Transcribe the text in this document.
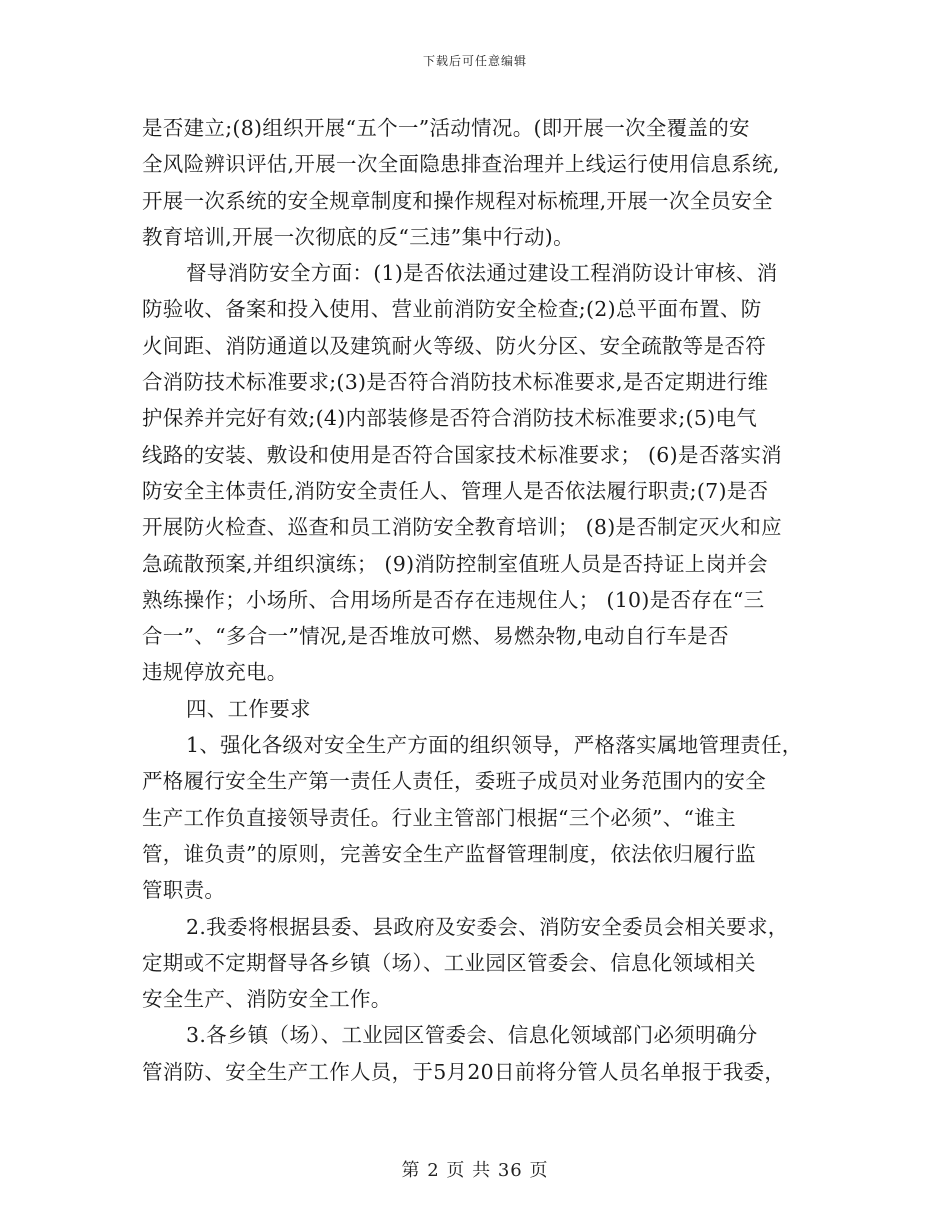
下载后可任意编辑
是否建立;(8)组织开展“五个一”活动情况。(即开展一次全覆盖的安
全风险辨识评估,开展一次全面隐患排查治理并上线运行使用信息系统,
开展一次系统的安全规章制度和操作规程对标梳理,开展一次全员安全
教育培训,开展一次彻底的反“三违”集中行动)。
督导消防安全方面：(1)是否依法通过建设工程消防设计审核、消
防验收、备案和投入使用、营业前消防安全检查;(2)总平面布置、防
火间距、消防通道以及建筑耐火等级、防火分区、安全疏散等是否符
合消防技术标准要求;(3)是否符合消防技术标准要求,是否定期进行维
护保养并完好有效;(4)内部装修是否符合消防技术标准要求;(5)电气
线路的安装、敷设和使用是否符合国家技术标准要求； (6)是否落实消
防安全主体责任,消防安全责任人、管理人是否依法履行职责;(7)是否
开展防火检查、巡查和员工消防安全教育培训； (8)是否制定灭火和应
急疏散预案,并组织演练； (9)消防控制室值班人员是否持证上岗并会
熟练操作；小场所、合用场所是否存在违规住人； (10)是否存在“三
合一”、“多合一”情况,是否堆放可燃、易燃杂物,电动自行车是否
违规停放充电。
四、工作要求
1、强化各级对安全生产方面的组织领导，严格落实属地管理责任，
严格履行安全生产第一责任人责任，委班子成员对业务范围内的安全
生产工作负直接领导责任。行业主管部门根据“三个必须”、“谁主
管，谁负责”的原则，完善安全生产监督管理制度，依法依归履行监
管职责。
2.我委将根据县委、县政府及安委会、消防安全委员会相关要求，
定期或不定期督导各乡镇（场）、工业园区管委会、信息化领域相关
安全生产、消防安全工作。
3.各乡镇（场）、工业园区管委会、信息化领域部门必须明确分
管消防、安全生产工作人员，于5月20日前将分管人员名单报于我委，
第 2 页 共 36 页
